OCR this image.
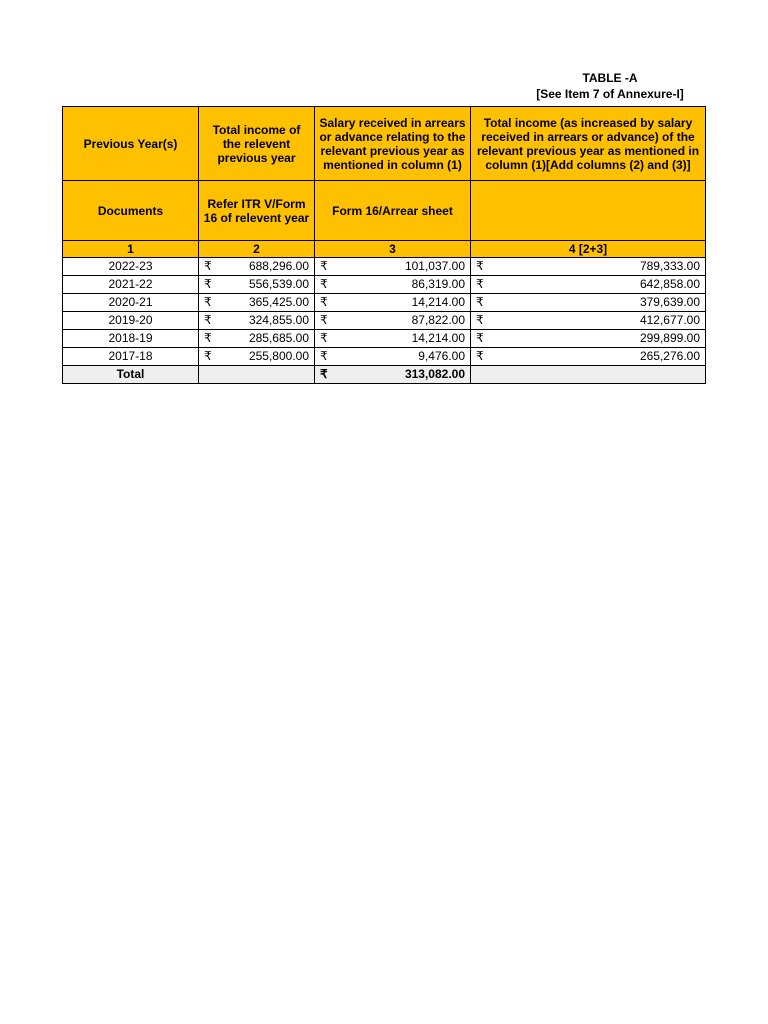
TABLE -A
[See Item 7 of Annexure-I]
Previous Year(s)	Total income of the relevent previous year	Salary received in arrears or advance relating to the relevant previous year as mentioned in column (1)	Total income (as increased by salary received in arrears or advance) of the relevant previous year as mentioned in column (1)[Add columns (2) and (3)]
Documents	Refer ITR V/Form 16 of relevent year	Form 16/Arrear sheet	
1	2	3	4 [2+3]
2022-23	₹ 688,296.00	₹ 101,037.00	₹ 789,333.00

2021-22	₹ 556,539.00	₹ 86,319.00	₹ 642,858.00

2020-21	₹ 365,425.00	₹ 14,214.00	₹ 379,639.00

2019-20	₹ 324,855.00	₹ 87,822.00	₹ 412,677.00

2018-19	₹ 285,685.00	₹ 14,214.00	₹ 299,899.00

2017-18	₹ 255,800.00	₹ 9,476.00	₹ 265,276.00

Total		₹ 313,082.00	
